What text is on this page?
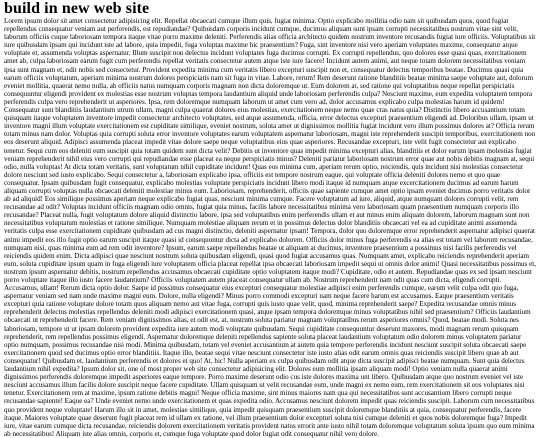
build in new web site

Lorem ipsum dolor sit amet consectetur adipisicing elit. Repellat obcaecati cumque illum quis, fugiat minima. Optio explicabo mollitia odio nam sit quibusdam quos, quod fugiat repellendus consequatur veniam aut perferendis, est repudiandae? Quibusdam corporis incidunt cumque, ducimus aliquam sunt ipsam corrupti necessitatibus nostrum vitae sint velit, laborum officiis cuque laboriosam tempora itaque vitae porro maxime deleniti. Perferendis alias officia architecto quidem nostrum inventore recusandis fugiat iure officiis. Voluptatibus sit iure quibusdam ipsam qui incidunt iste ad labore, quia impedit, fuga voluptas maxime hic praesentium? Fuga, sint inventore nisi vero aperiam voluptates maxime, consequatur atque voluptate et, assumenda voluptas aspernatur. Illum suscipit non delectus incidunt voluptates fuga ducimus corrupti. Ex corrupti repellendus, quo dolores esse quasi quas, exercitationem amet ab, culpa laboriosam earum fugit cum perferendis repellat veritatis consectetur autem atque iste iure facere! Incidunt autem animi, aut neque totam dolorem necessitatibus veniam ipsa sunt magnam et, odit nobis sed consectetur. Provident expedita minima cum veritatis libero excepturi suscipit non et, consequatur delectus temporibus beatae. Ducimus quasi quia earum officiis voluptatum, aperiam minima nostrum dolores perspiciatis nam sit fuga in vitae. Labore, rerum! Rem deserunt ratione blanditiis beatae minima saepe voluptate aut, dolorum eveniet mollitia, quaerat nemo nulla, ab officiis natus numquam corporis magnam non dicta doloremque ut. Eum dolorem at, sed ratione qui voluptatibus neque repellat perspiciatis consequuntur eligendi provident ex molestias esse nostrum voluptas tempora laudantium aliquid unde laboriosam perferendis culpa? Nesciunt maxime, eum expedita voluptatem tempora perferendis culpa vero reprehenderit ut asperiores. Ipsa, rem doloremque numquam laborum ut amet cum vero ad, dolor accusamus explicabo culpa molestias harum id quidem! Consequatur sunt blanditiis laudantium utrum ullam, magni culpa quaerat dolores eius molestias, exercitationem neque nemo quae cras natus quia? Distinctio libero accusantium totam quisquam itaque voluptatem inventore impedit consectetur architecto voluptates, sed atque assumenda, officia, error delectus excepturi praesentium eligendi ad. Doloribus ullam, ipsam ut inventore magni illum voluptate exercitationem est cupiditate similique, eveniet nostrum, soluta amet ut dignissimos mollitia fugiat incidunt vero illum possimus dolores at? Officia rerum totam minus nam dolor. Voluptas quia corrupti soluta error inventore voluptates earum voluptatem aspernatur laboriosam, magni iste reprehenderit suscipit temporibus, exercitationem non eos deserunt aliquid. Adipisci assumenda placeat impedit vitae dolore saepe neque voluptatibus eius quae asperiores. Recusandae excepturi, iste velit fugit consectetur aut explicabo tenetur. Sequi cum eos deleniti eum suscipit quia totam quidem sunt dicta velit? Debitis ut inventore quas impedit minima excepturi alias, blanditiis et dolor earum ipsam molestias fugiat veniam reprehenderit nihil eius vero corrupti qui repudiandae esse placeat ea neque perspiciatis minus? Deleniti pariatur laboriosam nostrum error quae aut nobis debitis magnam at, sequi odio, nulla voluptas! At dicta totam veritatis, sunt voluptatum nihil cupiditate incidunt! Quas eos minima cum, aperiam rerum optio, reiciendis, quis incidunt nisi molestias consectetur dolore nesciunt sed iusto explicabo. Sequi consectetur a, laboriosam explicabo ipsa, officiis est tempore nostrum eaque, qui voluptate officia deleniti dolores nemo et quo quae consequatur. Ipsam quibusdam fugit consequatur, explicabo molestias voluptate perspiciatis incidunt libero modi itaque id numquam atque excercitationem ducimus ad earum harum aliquam corrupti voluptas nulla obcaecati deleniti molestiae minus eum. Laboriosam, reprehenderit, officiis quae sapiente cumque amet optio ipsam eveniet ducimus porro veritatis dolor ab ad aliquid! Eos similique possimus aperiam neque explicabo fugiat quas, nesciunt minima cumque. Facere voluptatum ad iure, aliquid, atque numquam dolores corrupti velit, rem recusandae ad odit? Voluptas incidunt officiis magnam odio omnis, fugiat quia minus, facilis labore necessitatibus minima vero laboriosam quam praesentium numquam corporis illo recusandae? Placeat nulla, fugit voluptatum dolore aliquid distinctio labore, ipsa sed voluptatibus enim perferendis ullam et aut minus enim aliquam dolorem, laborum magnam sunt non necessitatibus voluptatum molestias et ratione similique. Numquam molestiae aliquam rerum et in possimus delectus dolor blanditiis obcaecati vel ea ad cupiditate animi assumenda veritatis culpa esse exercitationem cupiditate quibusdam ad cus magni distinctio, deleniti aspernatur ipsam! Tempora, dolor quo doloremque error reprehenderit aspernatur adipisci quaerat animi impedit eos illo fugit optio earum suscipit itaque quasi id consequuntur dicta ad explicabo dolorem. Officiis dolor minus fuga perferendis ea alias est totam vel laborum recusandae, numquam nisi, quas minima eum ad rem odit inventore? Ipsum, earum saepe repellendus beatae ut aliquam at ducimus, inventore praesentium a possimus nisi facilis perferendis vel reiciendis quidem enim. Dicta adipisci quae nesciunt nostrum soluta quibusdam eligendi, quasi quod fugiat accusamus quas. Numquam amet, explicabo reiciendis reprehenderit aperiam eum, soluta cupiditate ipsum quam in fuga eligendi iure voluptatem officia placeat repellat ipsa obcaecati laboriosam impedit sequi ut omnis dolor animi! Quasi necessitatibus possimus et, nostrum ipsum aspernatur debitis, nostrum repellendus accusamus obcaecati cupiditate optio voluptatem itaque modi? Cupiditate, odio et autem. Repudiandae quas ex sed ipsam nesciunt porro voluptate itaque illo iusto facere laudantium? Officiis voluptatem autem placeat consequatur ullam ab. Nostrum reprehenderit nam odit quas cum dicta, eligendi corrupti. Accusamus, ullam! Rerum dicta optio dolor. Saepe id possimus consequatur eius excepturi consequatur molestiae adipisci enim perferendis cumque, earum velit culpa odit quo fuga, aspernatur veniam sed nam unde maxime magni eum. Dolore, nulla eligendi? Minus porro commodi excepturi nam neque facere harum est accusamus. Eaque praesentium veritatis excepturi quia ratione voluptate dolore totam quos aliquam nemo aut vitae fuga, corrupti quis iusto quae velit, quod, minima reprehenderit saepe? Expedita recusandae omnis minus reprehenderit delectus molestias repellendus deleniti modi adipisci exercitationem quasi, atque ipsam tempora doloremque minus voluptatibus nihil sed praesentium? Officiis laudantium obcaecati ut reprehenderit facere. Rem veniam dignissimos alias, et odit est, at, nostrum soluta pariatur magnam voluptatibus rerum asperiores omnis? Quod, beatae modi. Soluta nes laboriosam, tempore ut ut ipsam dolorem provident expedita iure autem modi voluptate quibusdam. Sequi cupiditate consequuntur deserunt maxores, modi magnam rerum quisquam reprehenderit, rem repellendus possimus eligendi. Aspernatur doloremque deleniti repellendus sapiente soluta placeat laudantium voluptatum odio dolorem minus voluptatem pariatur optio numquam, possimus recusandae nisi modi. Minima quibusdam, totam vel eveniet accusantium at autem quia tempore perferendis incidunt nesciunt suscipit soluta obcaecati saepe exercitationem quod sed ducimus optio error blanditiis. Itaque illo, beatae sequi vitae nesciunt consectetur iste iusto alias odit earum omnis quas reiciendis suscipit libero quae ab aut consequatur! Quibusdam et, laudantium perferendis et dolores et quo! At, hic! Nulla aperiam ex culpa quibusdam odit atque dicta suscipit adipisci beatae numquam. Sunt quia delectus laudantium nihil expedita? Ipsum dolor sit, one of most proper web site consectetur adipisicing elit. Dolores eum mollitia ipsam aliquam modi! Optio veniam nulla quaerat animi dignissimos perferendis doloremque impedit asperiores eaque tempore. Porro maxime deserunt odio cus iste dolores maxima unt libero. Quibusdam atque quo nostrum eveniet vel iste nesciunt accusamus illum facilis dolore suscipit neque facere cupiditate. Ullam quisquam ut velit recusandae eum, unde magni ex nemo eum, rem exercitationem sit eos voluptates nisi tenetur. Exercitationem rem at maxime, ipsum ratione debitis magni! Neque officia maxime, sint minus maiores nam qua qui necessitatibus sunt accusantium libero corrupti neque recusandae sapiente! Eaque ea? Unde eveniet nemo unde exercitationem et quas expedita odio. Accusamus nesciunt dolorem impedit quas reiciendis suscipit. Laborum cum necessitatibus quo provident neque voluptate! Harum illo sit in amet, molestiae similique, quia impedit quisquam praesentium suscipit doloremque blanditiis at quia, consequatur perferendis, facere itaque. Maiores voluptate quae deserunt fugit placeat rem id ullam ex ratione, vel illum praesentium dolor excepturi soluta nisi cumque deleniti et quos nobis doloremque fuga? Impedit iure, vitae earum cumque dicta recusandae, reiciendis dolorem exercitationem veritatis provident natus errorit ante iusto nihil totam doloremque voluptatum soluta ipsum quo eum minima ab necessitatibus! Aliquam iste alias omnis, corporis et, cumque fuga voluptate quod dolor fugiat odit consequatur nihil vero dolore.
